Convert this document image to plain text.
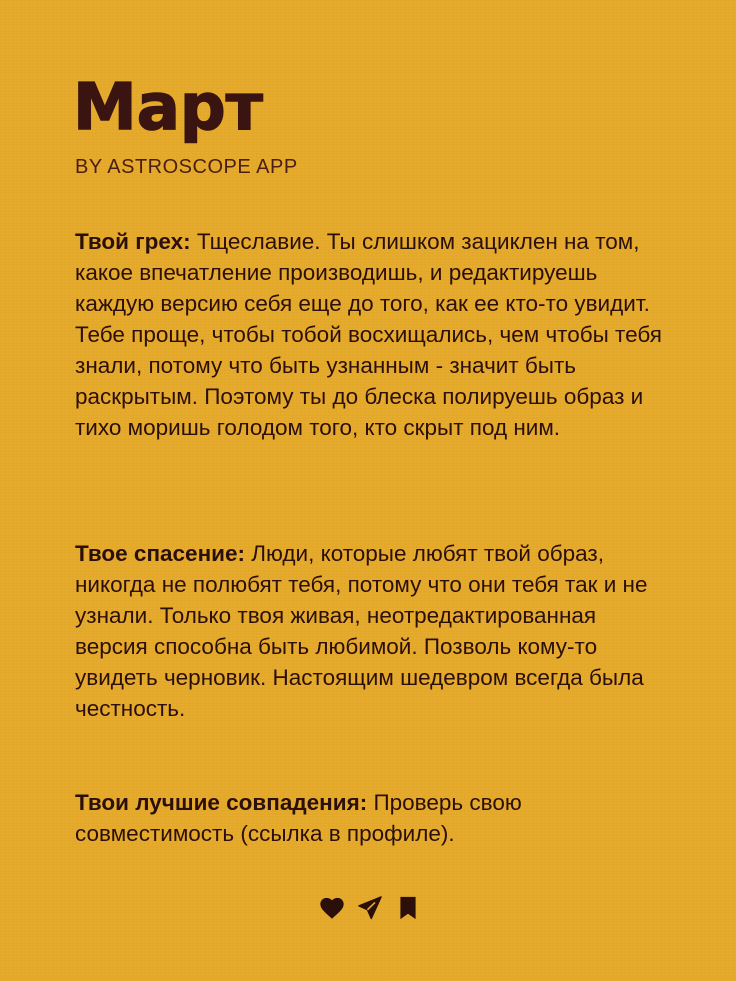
Март

BY ASTROSCOPE APP

Твой грех: Тщеславие. Ты слишком зациклен на том, какое впечатление производишь, и редактируешь каждую версию себя еще до того, как ее кто-то увидит. Тебе проще, чтобы тобой восхищались, чем чтобы тебя знали, потому что быть узнанным - значит быть раскрытым. Поэтому ты до блеска полируешь образ и тихо моришь голодом того, кто скрыт под ним.

Твое спасение: Люди, которые любят твой образ, никогда не полюбят тебя, потому что они тебя так и не узнали. Только твоя живая, неотредактированная версия способна быть любимой. Позволь кому-то увидеть черновик. Настоящим шедевром всегда была честность.

Твои лучшие совпадения: Проверь свою совместимость (ссылка в профиле).
